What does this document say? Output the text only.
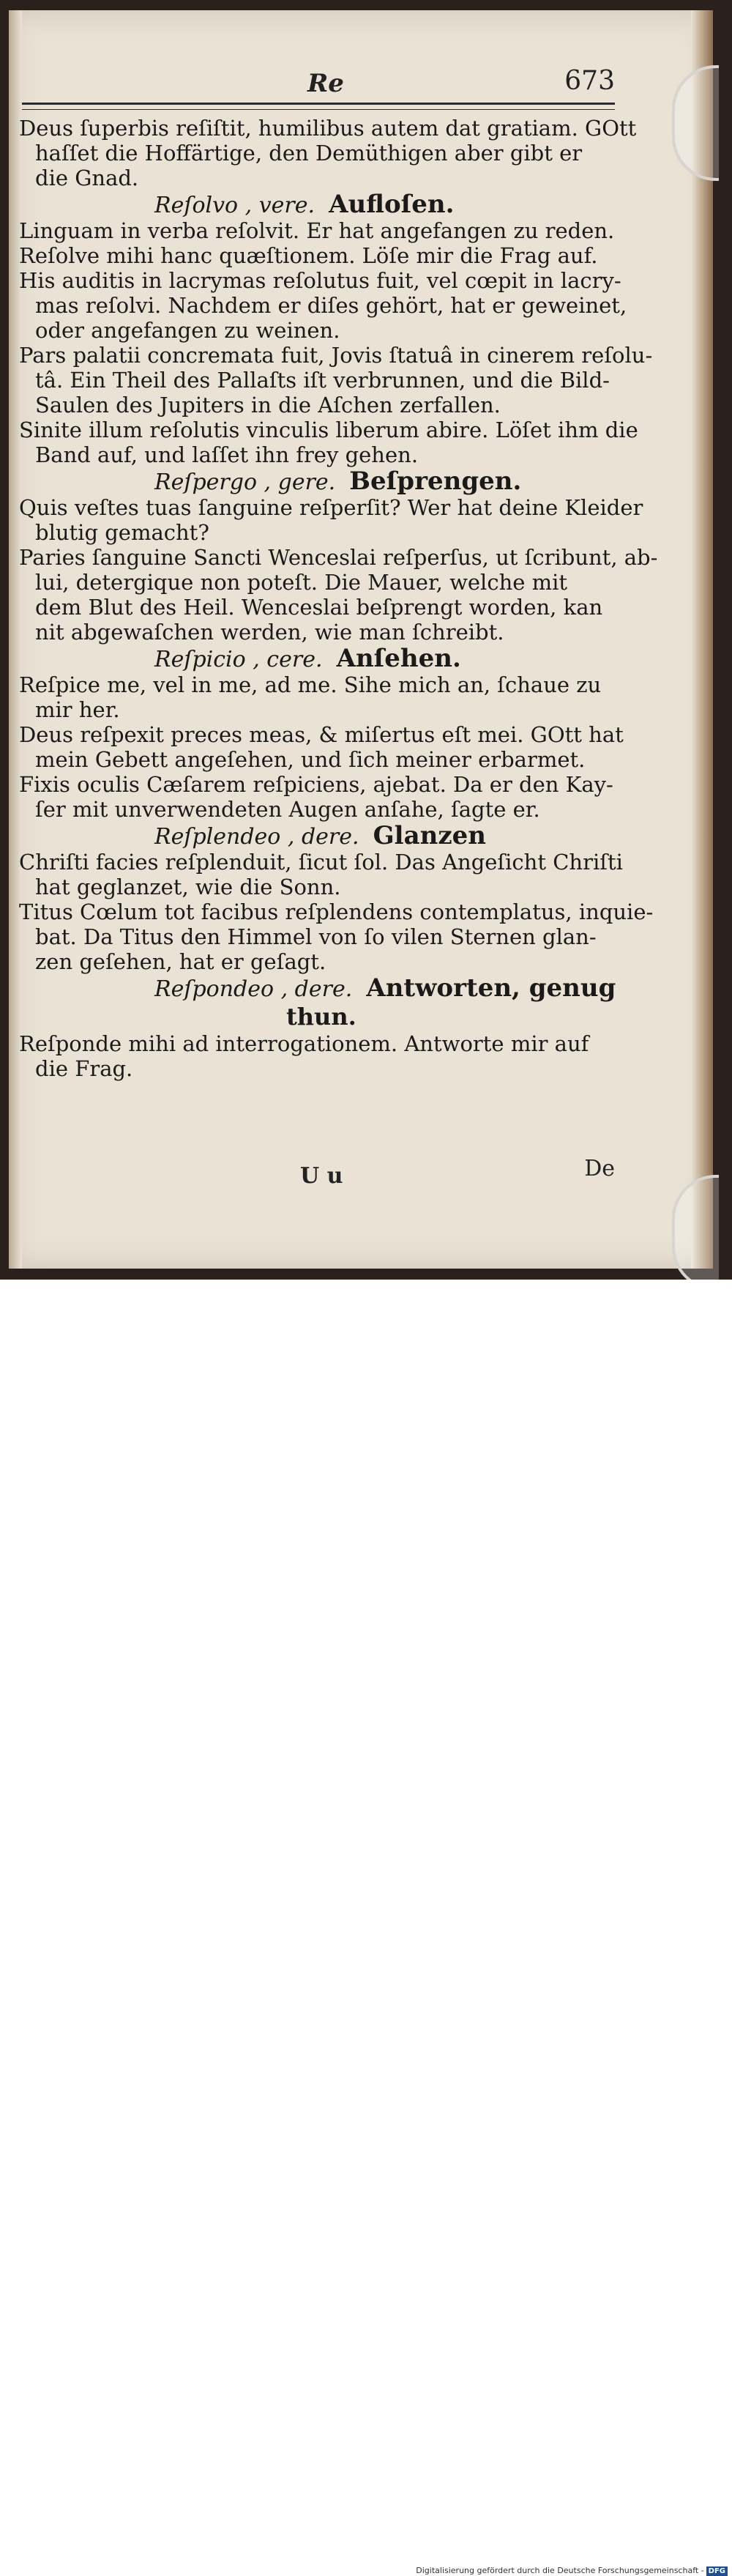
Re	673
Deus ſuperbis reſiſtit, humilibus autem dat gratiam. GOtt
haſſet die Hoffärtige, den Demüthigen aber gibt er
die Gnad.
Reſolvo , vere. Aufloſen.
Linguam in verba reſolvit. Er hat angefangen zu reden.
Reſolve mihi hanc quæſtionem. Löſe mir die Frag auf.
His auditis in lacrymas reſolutus fuit, vel cœpit in lacry-
mas reſolvi. Nachdem er diſes gehört, hat er geweinet,
oder angefangen zu weinen.
Pars palatii concremata fuit, Jovis ſtatuâ in cinerem reſolu-
tâ. Ein Theil des Pallaſts iſt verbrunnen, und die Bild-
Saulen des Jupiters in die Aſchen zerfallen.
Sinite illum reſolutis vinculis liberum abire. Löſet ihm die
Band auf, und laſſet ihn frey gehen.
Reſpergo , gere. Beſprengen.
Quis veſtes tuas ſanguine reſperſit? Wer hat deine Kleider
blutig gemacht?
Paries ſanguine Sancti Wenceslai reſperſus, ut ſcribunt, ab-
lui, detergique non poteſt. Die Mauer, welche mit
dem Blut des Heil. Wenceslai beſprengt worden, kan
nit abgewaſchen werden, wie man ſchreibt.
Reſpicio , cere. Anſehen.
Reſpice me, vel in me, ad me. Sihe mich an, ſchaue zu
mir her.
Deus reſpexit preces meas, & miſertus eſt mei. GOtt hat
mein Gebett angeſehen, und ſich meiner erbarmet.
Fixis oculis Cæſarem reſpiciens, ajebat. Da er den Kay-
ſer mit unverwendeten Augen anſahe, ſagte er.
Reſplendeo , dere. Glanzen
Chriſti facies reſplenduit, ſicut ſol. Das Angeſicht Chriſti
hat geglanzet, wie die Sonn.
Titus Cœlum tot facibus reſplendens contemplatus, inquie-
bat. Da Titus den Himmel von ſo vilen Sternen glan-
zen geſehen, hat er geſagt.
Reſpondeo , dere. Antworten, genug
thun.
Reſponde mihi ad interrogationem. Antworte mir auf
die Frag.
U u	De
Digitalisierung gefördert durch die Deutsche Forschungsgemeinschaft - DFG
